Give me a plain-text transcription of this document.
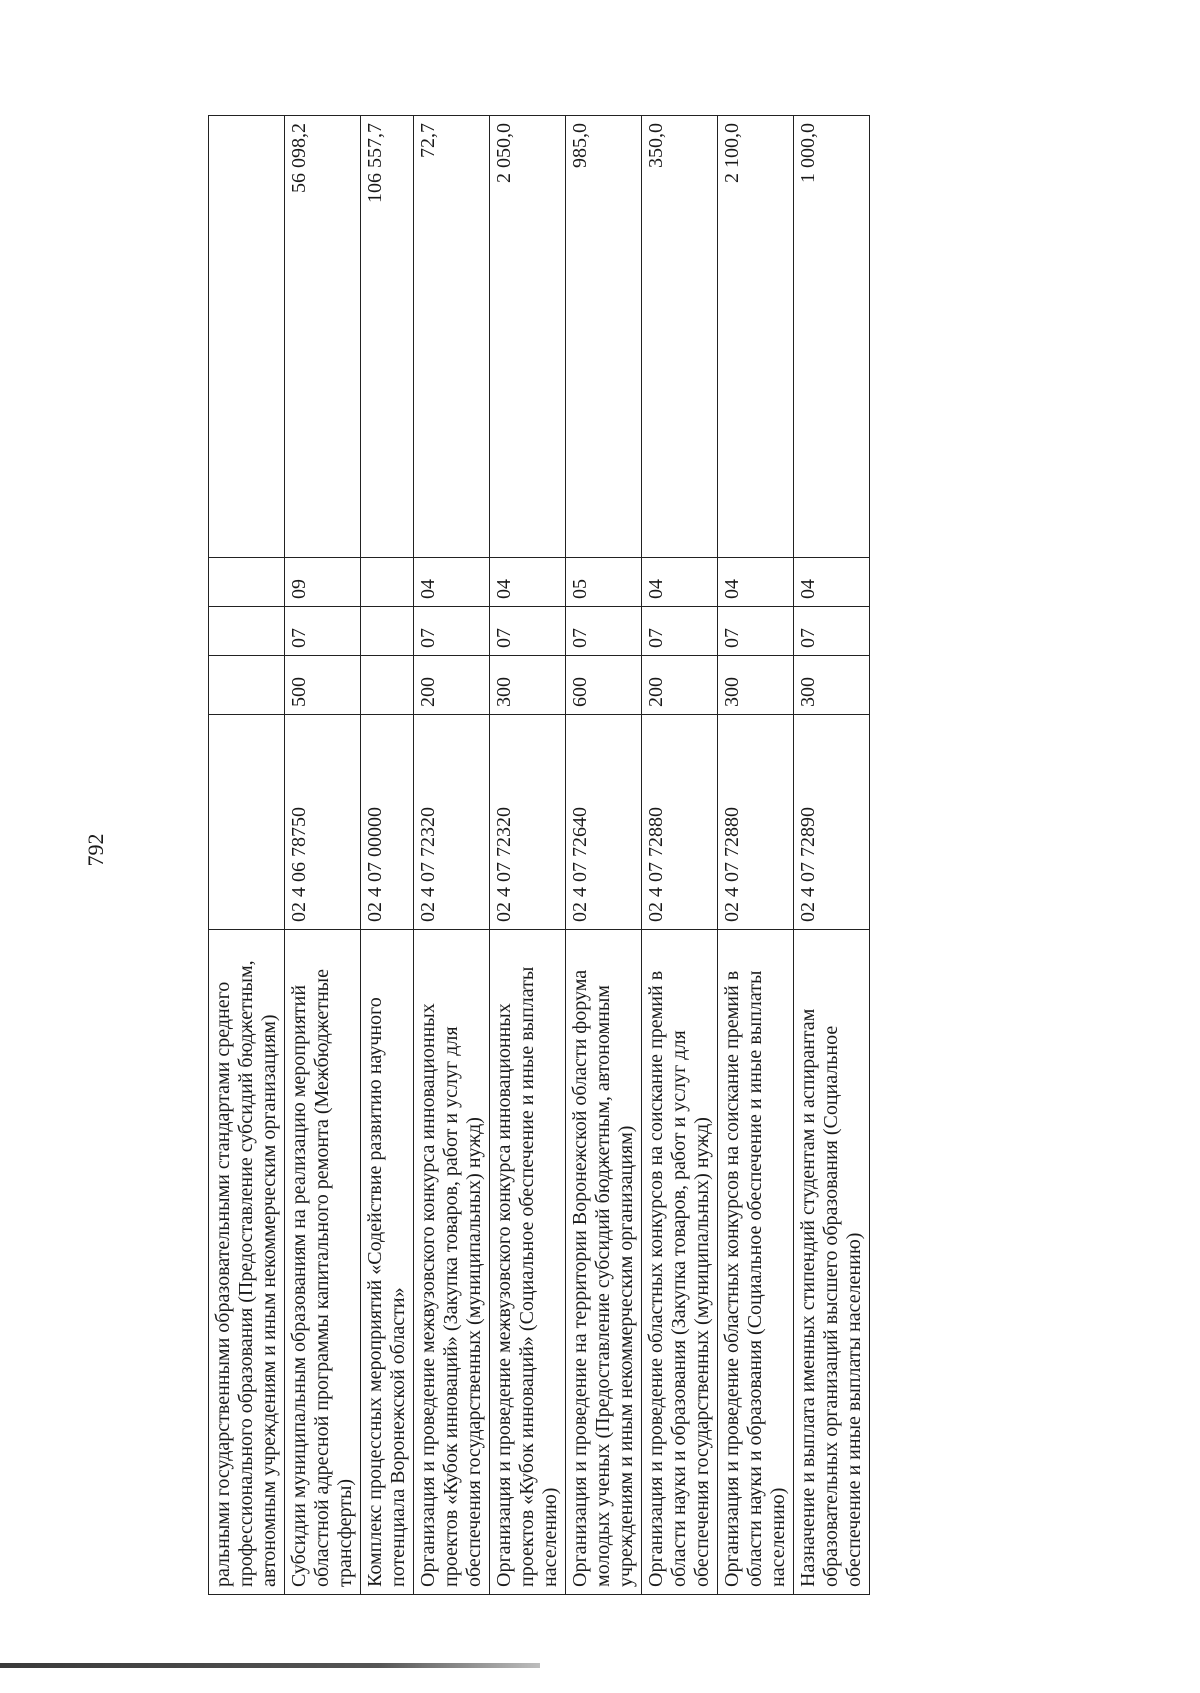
792
ральными государственными образовательными стандартами среднего профессионального образования (Предоставление субсидий бюджетным, автономным учреждениям и иным некоммерческим организациям)					
Субсидии муниципальным образованиям на реализацию мероприятий областной адресной программы капитального ремонта (Межбюджетные трансферты)	02 4 06 78750	500	07	09	56 098,2
Комплекс процессных мероприятий «Содействие развитию научного потенциала Воронежской области»	02 4 07 00000				106 557,7
Организация и проведение межвузовского конкурса инновационных проектов «Кубок инноваций» (Закупка товаров, работ и услуг для обеспечения государственных (муниципальных) нужд)	02 4 07 72320	200	07	04	72,7
Организация и проведение межвузовского конкурса инновационных проектов «Кубок инноваций» (Социальное обеспечение и иные выплаты населению)	02 4 07 72320	300	07	04	2 050,0
Организация и проведение на территории Воронежской области форума молодых ученых (Предоставление субсидий бюджетным, автономным учреждениям и иным некоммерческим организациям)	02 4 07 72640	600	07	05	985,0
Организация и проведение областных конкурсов на соискание премий в области науки и образования (Закупка товаров, работ и услуг для обеспечения государственных (муниципальных) нужд)	02 4 07 72880	200	07	04	350,0
Организация и проведение областных конкурсов на соискание премий в области науки и образования (Социальное обеспечение и иные выплаты населению)	02 4 07 72880	300	07	04	2 100,0
Назначение и выплата именных стипендий студентам и аспирантам образовательных организаций высшего образования (Социальное обеспечение и иные выплаты населению)	02 4 07 72890	300	07	04	1 000,0
